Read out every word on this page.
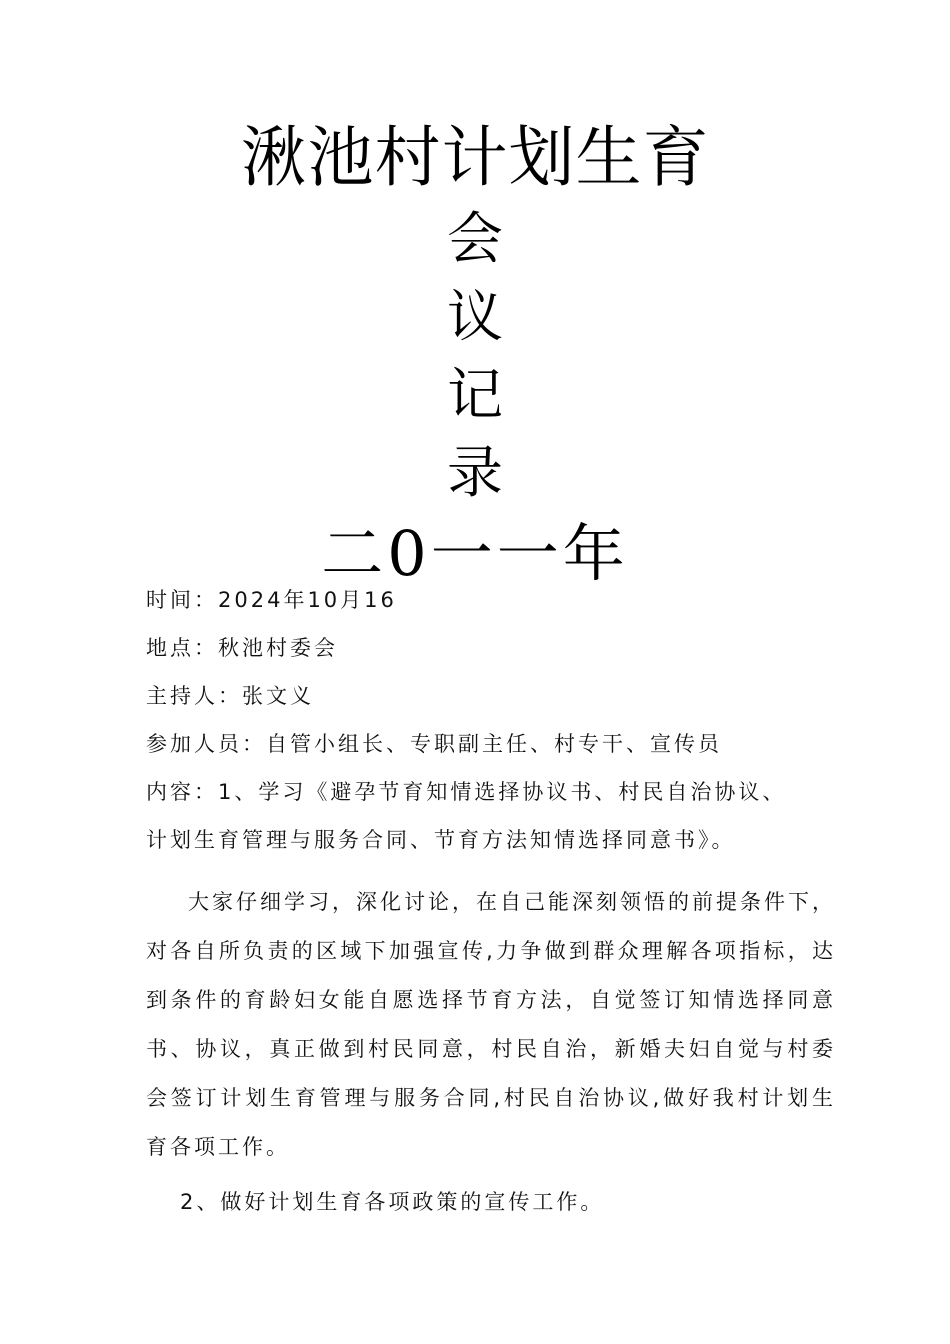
湫池村计划生育
会
议
记
录
二0一一年
时间：2024年10月16
地点：秋池村委会
主持人：张文义
参加人员：自管小组长、专职副主任、村专干、宣传员
内容：1、学习《避孕节育知情选择协议书、村民自治协议、
计划生育管理与服务合同、节育方法知情选择同意书》。
大家仔细学习，深化讨论，在自己能深刻领悟的前提条件下，对各自所负责的区域下加强宣传,力争做到群众理解各项指标，达到条件的育龄妇女能自愿选择节育方法，自觉签订知情选择同意书、协议，真正做到村民同意，村民自治，新婚夫妇自觉与村委会签订计划生育管理与服务合同,村民自治协议,做好我村计划生育各项工作。
2、做好计划生育各项政策的宣传工作。
